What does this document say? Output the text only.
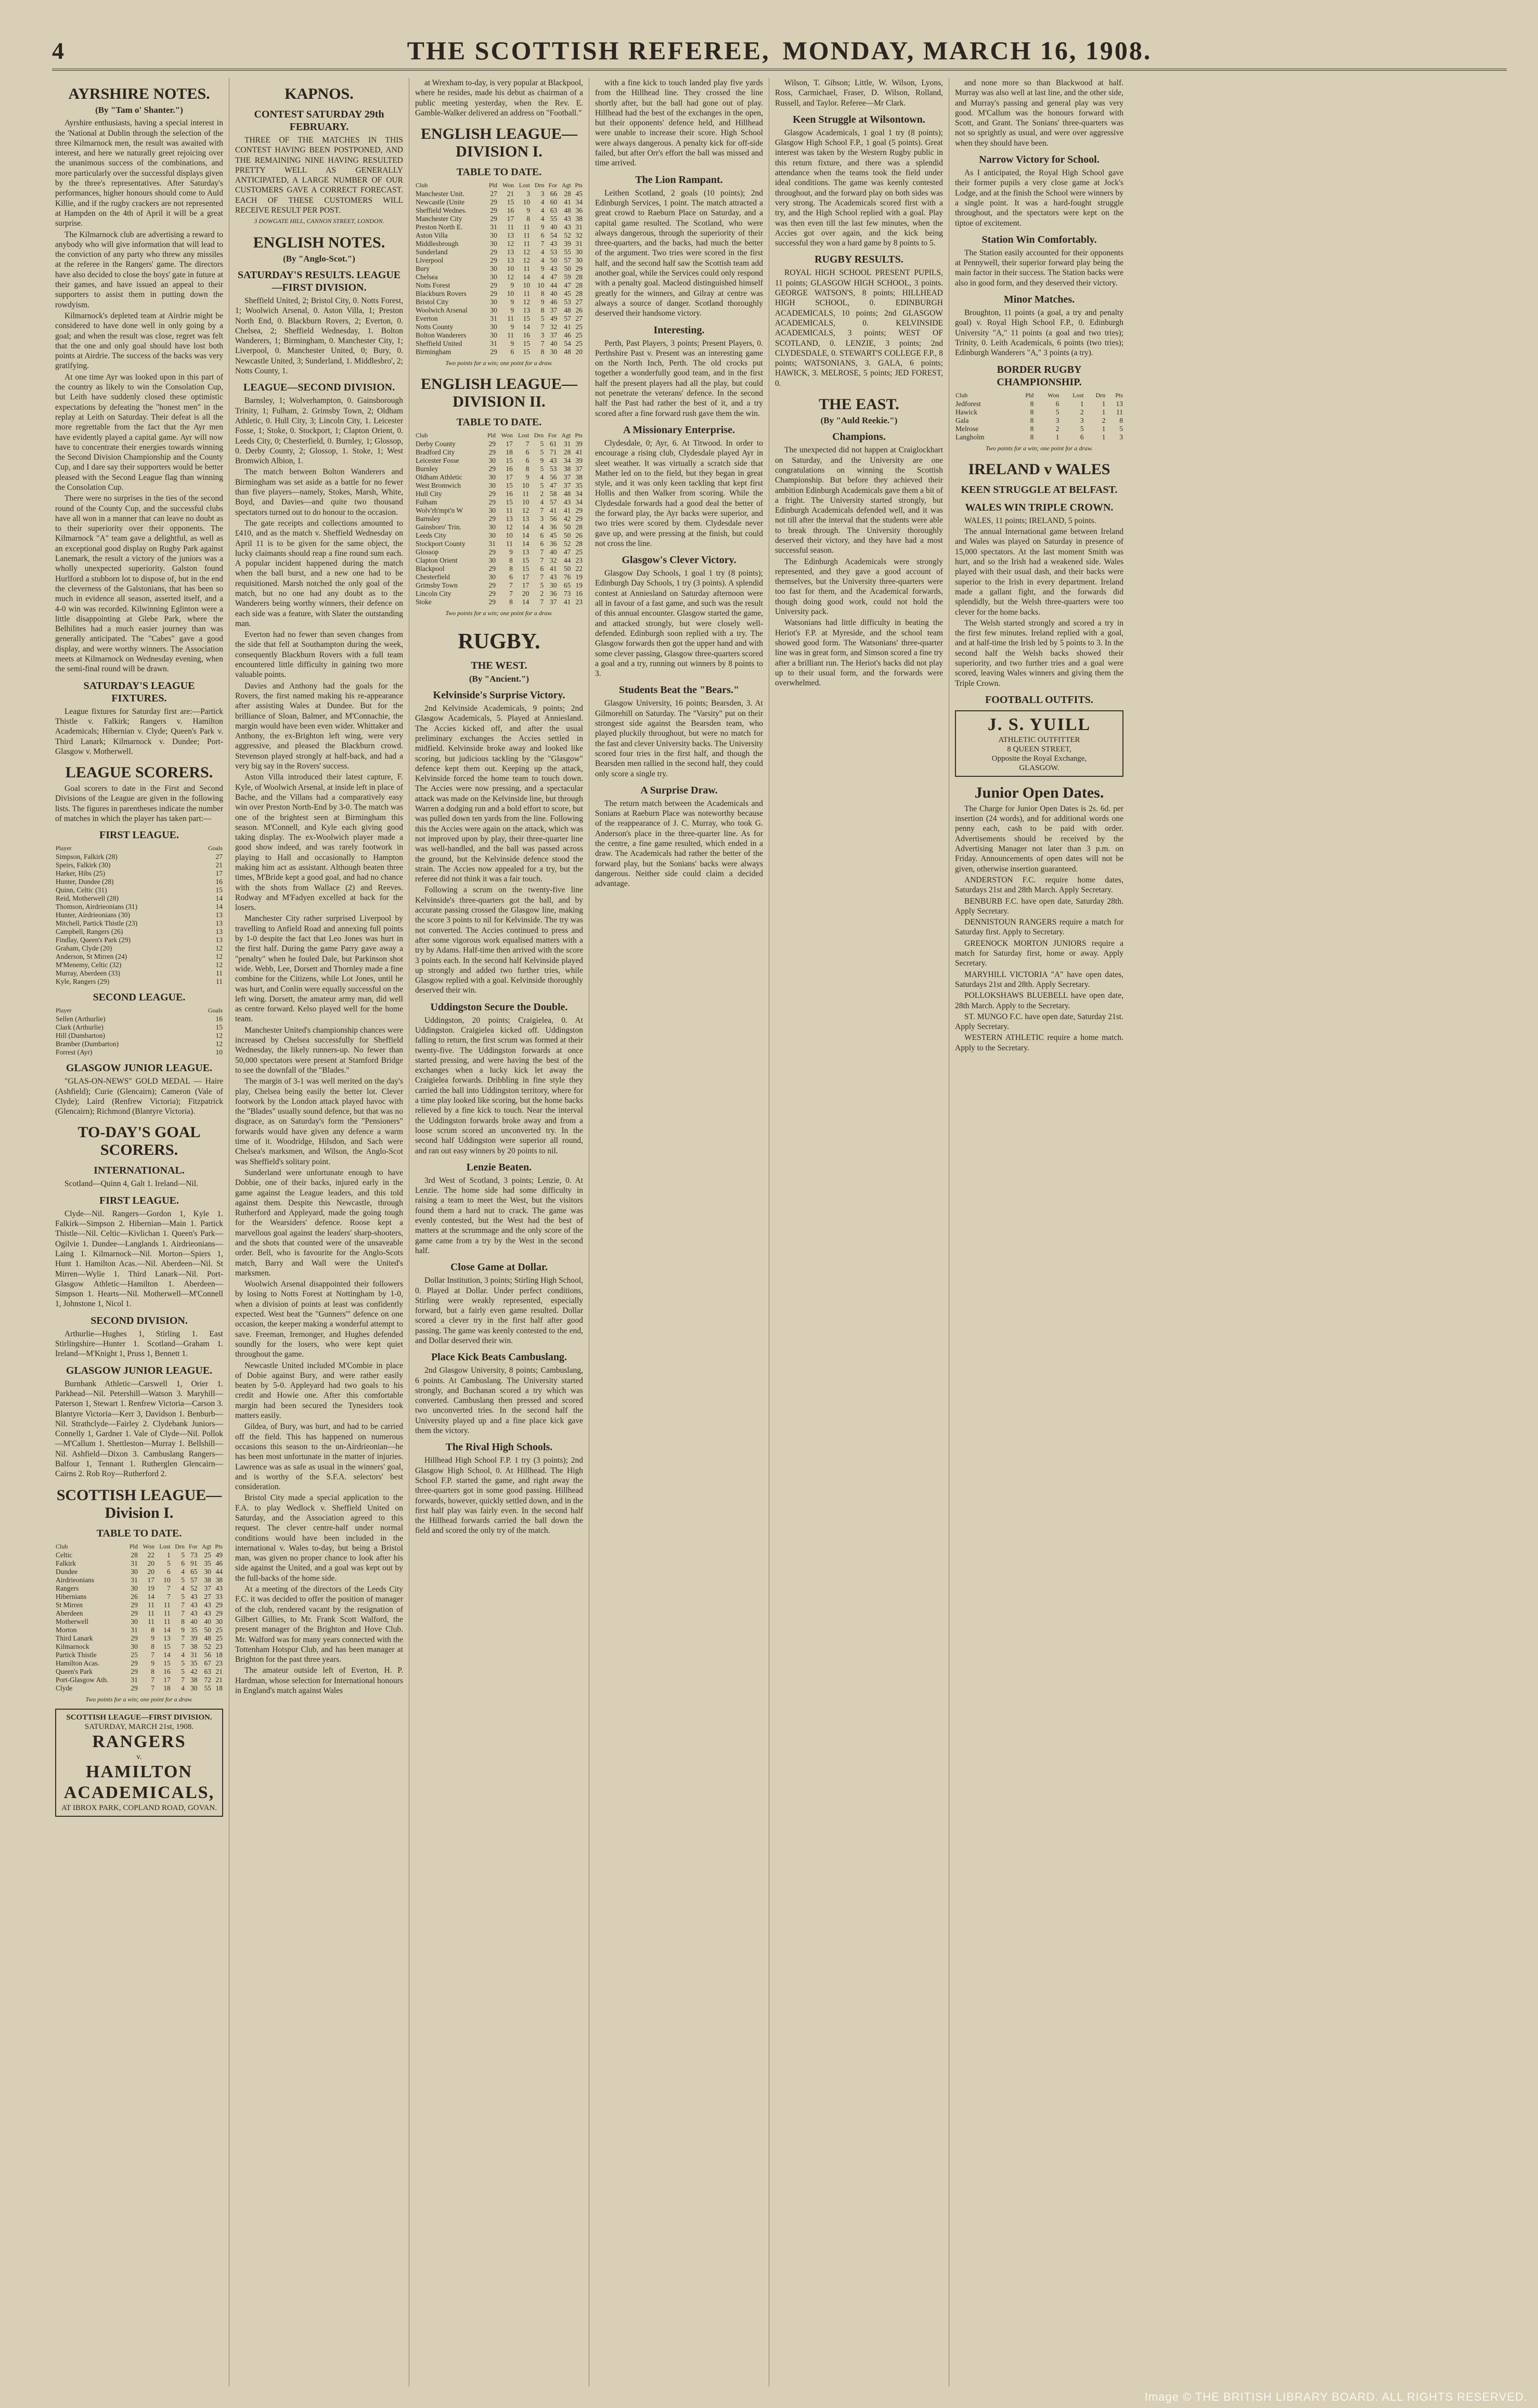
4	THE SCOTTISH REFEREE, MONDAY, MARCH 16, 1908.
AYRSHIRE NOTES.
(By "Tam o' Shanter.")

Ayrshire enthusiasts, having a special interest in the 'National at Dublin through the selection of the three Kilmarnock men, the result was awaited with interest, and here we naturally greet rejoicing over the unanimous success of the combinations, and more particularly over the successful displays given by the three's representatives. After Saturday's performances, higher honours should come to Auld Killie, and if the rugby crackers are not represented at Hampden on the 4th of April it will be a great surprise.

The Kilmarnock club are advertising a reward to anybody who will give information that will lead to the conviction of any party who threw any missiles at the referee in the Rangers' game. The directors have also decided to close the boys' gate in future at their games, and have issued an appeal to their supporters to assist them in putting down the rowdyism.

Kilmarnock's depleted team at Airdrie might be considered to have done well in only going by a goal; and when the result was close, regret was felt that the one and only goal should have lost both points at Airdrie. The success of the backs was very gratifying.

At one time Ayr was looked upon in this part of the country as likely to win the Consolation Cup, but Leith have suddenly closed these optimistic expectations by defeating the "honest men" in the replay at Leith on Saturday. Their defeat is all the more regrettable from the fact that the Ayr men have evidently played a capital game. Ayr will now have to concentrate their energies towards winning the Second Division Championship and the County Cup, and I dare say their supporters would be better pleased with the Second League flag than winning the Consolation Cup.

There were no surprises in the ties of the second round of the County Cup, and the successful clubs have all won in a manner that can leave no doubt as to their superiority over their opponents. The Kilmarnock "A" team gave a delightful, as well as an exceptional good display on Rugby Park against Lanemark, the result a victory of the juniors was a wholly unexpected superiority. Galston found Hurlford a stubborn lot to dispose of, but in the end the cleverness of the Galstonians, that has been so much in evidence all season, asserted itself, and a 4-0 win was recorded. Kilwinning Eglinton were a little disappointing at Glebe Park, where the Belhilites had a much easier journey than was generally anticipated. The "Cabes" gave a good display, and were worthy winners. The Association meets at Kilmarnock on Wednesday evening, when the semi-final round will be drawn.

SATURDAY'S LEAGUE FIXTURES.

League fixtures for Saturday first are:—Partick Thistle v. Falkirk; Rangers v. Hamilton Academicals; Hibernian v. Clyde; Queen's Park v. Third Lanark; Kilmarnock v. Dundee; Port-Glasgow v. Motherwell.

LEAGUE SCORERS.

Goal scorers to date in the First and Second Divisions of the League are given in the following lists. The figures in parentheses indicate the number of matches in which the player has taken part:—

FIRST LEAGUE.
Player	Goals
Simpson, Falkirk (28)	27
Speirs, Falkirk (30)	21
Harker, Hibs (25)	17
Hunter, Dundee (28)	16
Quinn, Celtic (31)	15
Reid, Motherwell (28)	14
Thomson, Airdrieonians (31)	14
Hunter, Airdrieonians (30)	13
Mitchell, Partick Thistle (23)	13
Campbell, Rangers (26)	13
Findlay, Queen's Park (29)	13
Graham, Clyde (20)	12
Anderson, St Mirren (24)	12
M'Menemy, Celtic (32)	12
Murray, Aberdeen (33)	11
Kyle, Rangers (29)	11
SECOND LEAGUE.
Player	Goals
Sellen (Arthurlie)	16
Clark (Arthurlie)	15
Hill (Dumbarton)	12
Bramber (Dumbarton)	12
Forrest (Ayr)	10
GLASGOW JUNIOR LEAGUE.

"GLAS-ON-NEWS" GOLD MEDAL — Haire (Ashfield); Curie (Glencairn); Cameron (Vale of Clyde); Laird (Renfrew Victoria); Fitzpatrick (Glencairn); Richmond (Blantyre Victoria).

TO-DAY'S GOAL SCORERS.
INTERNATIONAL.

Scotland—Quinn 4, Galt 1. Ireland—Nil.

FIRST LEAGUE.

Clyde—Nil. Rangers—Gordon 1, Kyle 1. Falkirk—Simpson 2. Hibernian—Main 1. Partick Thistle—Nil. Celtic—Kivlichan 1. Queen's Park—Ogilvie 1. Dundee—Langlands 1. Airdrieonians—Laing 1. Kilmarnock—Nil. Morton—Spiers 1, Hunt 1. Hamilton Acas.—Nil. Aberdeen—Nil. St Mirren—Wylie 1. Third Lanark—Nil. Port-Glasgow Athletic—Hamilton 1. Aberdeen—Simpson 1. Hearts—Nil. Motherwell—M'Connell 1, Johnstone 1, Nicol 1.

SECOND DIVISION.

Arthurlie—Hughes 1, Stirling 1. East Stirlingshire—Hunter 1. Scotland—Graham 1. Ireland—M'Knight 1, Pruss 1, Bennett 1.

GLASGOW JUNIOR LEAGUE.

Burnbank Athletic—Carswell 1, Orier 1. Parkhead—Nil. Petershill—Watson 3. Maryhill—Paterson 1, Stewart 1. Renfrew Victoria—Carson 3. Blantyre Victoria—Kerr 3, Davidson 1. Benburb—Nil. Strathclyde—Fairley 2. Clydebank Juniors—Connelly 1, Gardner 1. Vale of Clyde—Nil. Pollok—M'Callum 1. Shettleston—Murray 1. Bellshill—Nil. Ashfield—Dixon 3. Cambuslang Rangers—Balfour 1, Tennant 1. Rutherglen Glencairn—Cairns 2. Rob Roy—Rutherford 2.

SCOTTISH LEAGUE—Division I.
TABLE TO DATE.
Club	Pld	Won	Lost	Drn	For	Agt	Pts
Celtic	28	22	1	5	73	25	49
Falkirk	31	20	5	6	91	35	46
Dundee	30	20	6	4	65	30	44
Airdrieonians	31	17	10	5	57	38	38
Rangers	30	19	7	4	52	37	43
Hibernians	26	14	7	5	43	27	33
St Mirren	29	11	11	7	43	43	29
Aberdeen	29	11	11	7	43	43	29
Motherwell	30	11	11	8	40	40	30
Morton	31	8	14	9	35	50	25
Third Lanark	29	9	13	7	39	48	25
Kilmarnock	30	8	15	7	38	52	23
Partick Thistle	25	7	14	4	31	56	18
Hamilton Acas.	29	9	15	5	35	67	23
Queen's Park	29	8	16	5	42	63	21
Port-Glasgow Ath.	31	7	17	7	38	72	21
Clyde	29	7	18	4	30	55	18
Two points for a win; one point for a draw.
SCOTTISH LEAGUE—FIRST DIVISION.
SATURDAY, MARCH 21st, 1908.
RANGERS
v.
HAMILTON ACADEMICALS,
AT IBROX PARK, COPLAND ROAD, GOVAN.
KAPNOS.
CONTEST SATURDAY 29th FEBRUARY.

THREE OF THE MATCHES IN THIS CONTEST HAVING BEEN POSTPONED, AND THE REMAINING NINE HAVING RESULTED PRETTY WELL AS GENERALLY ANTICIPATED, A LARGE NUMBER OF OUR CUSTOMERS GAVE A CORRECT FORECAST. EACH OF THESE CUSTOMERS WILL RECEIVE RESULT PER POST.

3 DOWGATE HILL, CANNON STREET, LONDON.
ENGLISH NOTES.
(By "Anglo-Scot.")
SATURDAY'S RESULTS. LEAGUE—FIRST DIVISION.

Sheffield United, 2; Bristol City, 0. Notts Forest, 1; Woolwich Arsenal, 0. Aston Villa, 1; Preston North End, 0. Blackburn Rovers, 2; Everton, 0. Chelsea, 2; Sheffield Wednesday, 1. Bolton Wanderers, 1; Birmingham, 0. Manchester City, 1; Liverpool, 0. Manchester United, 0; Bury, 0. Newcastle United, 3; Sunderland, 1. Middlesbro', 2; Notts County, 1.

LEAGUE—SECOND DIVISION.

Barnsley, 1; Wolverhampton, 0. Gainsborough Trinity, 1; Fulham, 2. Grimsby Town, 2; Oldham Athletic, 0. Hull City, 3; Lincoln City, 1. Leicester Fosse, 1; Stoke, 0. Stockport, 1; Clapton Orient, 0. Leeds City, 0; Chesterfield, 0. Burnley, 1; Glossop, 0. Derby County, 2; Glossop, 1. Stoke, 1; West Bromwich Albion, 1.

The match between Bolton Wanderers and Birmingham was set aside as a battle for no fewer than five players—namely, Stokes, Marsh, White, Boyd, and Davies—and quite two thousand spectators turned out to do honour to the occasion.

The gate receipts and collections amounted to £410, and as the match v. Sheffield Wednesday on April 11 is to be given for the same object, the lucky claimants should reap a fine round sum each. A popular incident happened during the match when the ball burst, and a new one had to be requisitioned. Marsh notched the only goal of the match, but no one had any doubt as to the Wanderers being worthy winners, their defence on each side was a feature, with Slater the outstanding man.

Everton had no fewer than seven changes from the side that fell at Southampton during the week, consequently Blackburn Rovers with a full team encountered little difficulty in gaining two more valuable points.

Davies and Anthony had the goals for the Rovers, the first named making his re-appearance after assisting Wales at Dundee. But for the brilliance of Sloan, Balmer, and M'Connachie, the margin would have been even wider. Whittaker and Anthony, the ex-Brighton left wing, were very aggressive, and pleased the Blackburn crowd. Stevenson played strongly at half-back, and had a very big say in the Rovers' success.

Aston Villa introduced their latest capture, F. Kyle, of Woolwich Arsenal, at inside left in place of Bache, and the Villans had a comparatively easy win over Preston North-End by 3-0. The match was one of the brightest seen at Birmingham this season. M'Connell, and Kyle each giving good taking display. The ex-Woolwich player made a good show indeed, and was rarely footwork in playing to Hall and occasionally to Hampton making him act as assistant. Although beaten three times, M'Bride kept a good goal, and had no chance with the shots from Wallace (2) and Reeves. Rodway and M'Fadyen excelled at back for the losers.

Manchester City rather surprised Liverpool by travelling to Anfield Road and annexing full points by 1-0 despite the fact that Leo Jones was hurt in the first half. During the game Parry gave away a "penalty" when he fouled Dale, but Parkinson shot wide. Webb, Lee, Dorsett and Thornley made a fine combine for the Citizens, while Lot Jones, until he was hurt, and Conlin were equally successful on the left wing. Dorsett, the amateur army man, did well as centre forward. Kelso played well for the home team.

Manchester United's championship chances were increased by Chelsea successfully for Sheffield Wednesday, the likely runners-up. No fewer than 50,000 spectators were present at Stamford Bridge to see the downfall of the "Blades."

The margin of 3-1 was well merited on the day's play, Chelsea being easily the better lot. Clever footwork by the London attack played havoc with the "Blades" usually sound defence, but that was no disgrace, as on Saturday's form the "Pensioners" forwards would have given any defence a warm time of it. Woodridge, Hilsdon, and Sach were Chelsea's marksmen, and Wilson, the Anglo-Scot was Sheffield's solitary point.

Sunderland were unfortunate enough to have Dobbie, one of their backs, injured early in the game against the League leaders, and this told against them. Despite this Newcastle, through Rutherford and Appleyard, made the going tough for the Wearsiders' defence. Roose kept a marvellous goal against the leaders' sharp-shooters, and the shots that counted were of the unsaveable order. Bell, who is favourite for the Anglo-Scots match, Barry and Wall were the United's marksmen.

Woolwich Arsenal disappointed their followers by losing to Notts Forest at Nottingham by 1-0, when a division of points at least was confidently expected. West beat the "Gunners'" defence on one occasion, the keeper making a wonderful attempt to save. Freeman, Iremonger, and Hughes defended soundly for the losers, who were kept quiet throughout the game.

Newcastle United included M'Combie in place of Dobie against Bury, and were rather easily beaten by 5-0. Appleyard had two goals to his credit and Howie one. After this comfortable margin had been secured the Tynesiders took matters easily.

Gildea, of Bury, was hurt, and had to be carried off the field. This has happened on numerous occasions this season to the un-Airdrieonian—he has been most unfortunate in the matter of injuries. Lawrence was as safe as usual in the winners' goal, and is worthy of the S.F.A. selectors' best consideration.

Bristol City made a special application to the F.A. to play Wedlock v. Sheffield United on Saturday, and the Association agreed to this request. The clever centre-half under normal conditions would have been included in the international v. Wales to-day, but being a Bristol man, was given no proper chance to look after his side against the United, and a goal was kept out by the full-backs of the home side.

At a meeting of the directors of the Leeds City F.C. it was decided to offer the position of manager of the club, rendered vacant by the resignation of Gilbert Gillies, to Mr. Frank Scott Walford, the present manager of the Brighton and Hove Club. Mr. Walford was for many years connected with the Tottenham Hotspur Club, and has been manager at Brighton for the past three years.

The amateur outside left of Everton, H. P. Hardman, whose selection for International honours in England's match against Wales

at Wrexham to-day, is very popular at Blackpool, where he resides, made his debut as chairman of a public meeting yesterday, when the Rev. E. Gamble-Walker delivered an address on "Football."

ENGLISH LEAGUE—DIVISION I.
TABLE TO DATE.
Club	Pld	Won	Lost	Drn	For	Agt	Pts
Manchester Unit.	27	21	3	3	66	28	45
Newcastle (Unite	29	15	10	4	60	41	34
Sheffield Wednes.	29	16	9	4	63	48	36
Manchester City	29	17	8	4	55	43	38
Preston North E.	31	11	11	9	40	43	31
Aston Villa	30	13	11	6	54	52	32
Middlesbrough	30	12	11	7	43	39	31
Sunderland	29	13	12	4	53	55	30
Liverpool	29	13	12	4	50	57	30
Bury	30	10	11	9	43	50	29
Chelsea	30	12	14	4	47	59	28
Notts Forest	29	9	10	10	44	47	28
Blackburn Rovers	29	10	11	8	40	45	28
Bristol City	30	9	12	9	46	53	27
Woolwich Arsenal	30	9	13	8	37	48	26
Everton	31	11	15	5	49	57	27
Notts County	30	9	14	7	32	41	25
Bolton Wanderers	30	11	16	3	37	46	25
Sheffield United	31	9	15	7	40	54	25
Birmingham	29	6	15	8	30	48	20
Two points for a win; one point for a draw.
ENGLISH LEAGUE—DIVISION II.
TABLE TO DATE.
Club	Pld	Won	Lost	Drn	For	Agt	Pts
Derby County	29	17	7	5	61	31	39
Bradford City	29	18	6	5	71	28	41
Leicester Fosse	30	15	6	9	43	34	39
Burnley	29	16	8	5	53	38	37
Oldham Athletic	30	17	9	4	56	37	38
West Bromwich	30	15	10	5	47	37	35
Hull City	29	16	11	2	58	48	34
Fulham	29	15	10	4	57	43	34
Wolv'rh'mpt'n W	30	11	12	7	41	41	29
Barnsley	29	13	13	3	56	42	29
Gainsboro' Trin.	30	12	14	4	36	50	28
Leeds City	30	10	14	6	45	50	26
Stockport County	31	11	14	6	36	52	28
Glossop	29	9	13	7	40	47	25
Clapton Orient	30	8	15	7	32	44	23
Blackpool	29	8	15	6	41	50	22
Chesterfield	30	6	17	7	43	76	19
Grimsby Town	29	7	17	5	30	65	19
Lincoln City	29	7	20	2	36	73	16
Stoke	29	8	14	7	37	41	23
Two points for a win; one point for a draw.
RUGBY.
THE WEST.
(By "Ancient.")
Kelvinside's Surprise Victory.

2nd Kelvinside Academicals, 9 points; 2nd Glasgow Academicals, 5. Played at Anniesland. The Accies kicked off, and after the usual preliminary exchanges the Accies settled in midfield. Kelvinside broke away and looked like scoring, but judicious tackling by the "Glasgow" defence kept them out. Keeping up the attack, Kelvinside forced the home team to touch down. The Accies were now pressing, and a spectacular attack was made on the Kelvinside line, but through Warren a dodging run and a bold effort to score, but was pulled down ten yards from the line. Following this the Accies were again on the attack, which was not improved upon by play, their three-quarter line was well-handled, and the ball was passed across the ground, but the Kelvinside defence stood the strain. The Accies now appealed for a try, but the referee did not think it was a fair touch.

Following a scrum on the twenty-five line Kelvinside's three-quarters got the ball, and by accurate passing crossed the Glasgow line, making the score 3 points to nil for Kelvinside. The try was not converted. The Accies continued to press and after some vigorous work equalised matters with a try by Adams. Half-time then arrived with the score 3 points each. In the second half Kelvinside played up strongly and added two further tries, while Glasgow replied with a goal. Kelvinside thoroughly deserved their win.

Uddingston Secure the Double.

Uddingston, 20 points; Craigielea, 0. At Uddingston. Craigielea kicked off. Uddingston falling to return, the first scrum was formed at their twenty-five. The Uddingston forwards at once started pressing, and were having the best of the exchanges when a lucky kick let away the Craigielea forwards. Dribbling in fine style they carried the ball into Uddingston territory, where for a time play looked like scoring, but the home backs relieved by a fine kick to touch. Near the interval the Uddingston forwards broke away and from a loose scrum scored an unconverted try. In the second half Uddingston were superior all round, and ran out easy winners by 20 points to nil.

Lenzie Beaten.

3rd West of Scotland, 3 points; Lenzie, 0. At Lenzie. The home side had some difficulty in raising a team to meet the West, but the visitors found them a hard nut to crack. The game was evenly contested, but the West had the best of matters at the scrummage and the only score of the game came from a try by the West in the second half.

Close Game at Dollar.

Dollar Institution, 3 points; Stirling High School, 0. Played at Dollar. Under perfect conditions, Stirling were weakly represented, especially forward, but a fairly even game resulted. Dollar scored a clever try in the first half after good passing. The game was keenly contested to the end, and Dollar deserved their win.

Place Kick Beats Cambuslang.

2nd Glasgow University, 8 points; Cambuslang, 6 points. At Cambuslang. The University started strongly, and Buchanan scored a try which was converted. Cambuslang then pressed and scored two unconverted tries. In the second half the University played up and a fine place kick gave them the victory.

The Rival High Schools.

Hillhead High School F.P. 1 try (3 points); 2nd Glasgow High School, 0. At Hillhead. The High School F.P. started the game, and right away the three-quarters got in some good passing. Hillhead forwards, however, quickly settled down, and in the first half play was fairly even. In the second half the Hillhead forwards carried the ball down the field and scored the only try of the match.

with a fine kick to touch landed play five yards from the Hillhead line. They crossed the line shortly after, but the ball had gone out of play. Hillhead had the best of the exchanges in the open, but their opponents' defence held, and Hillhead were unable to increase their score. High School were always dangerous. A penalty kick for off-side failed, but after Orr's effort the ball was missed and time arrived.

The Lion Rampant.

Leithen Scotland, 2 goals (10 points); 2nd Edinburgh Services, 1 point. The match attracted a great crowd to Raeburn Place on Saturday, and a capital game resulted. The Scotland, who were always dangerous, through the superiority of their three-quarters, and the backs, had much the better of the argument. Two tries were scored in the first half, and the second half saw the Scottish team add another goal, while the Services could only respond with a penalty goal. Macleod distinguished himself greatly for the winners, and Gilray at centre was always a source of danger. Scotland thoroughly deserved their handsome victory.

Interesting.

Perth, Past Players, 3 points; Present Players, 0. Perthshire Past v. Present was an interesting game on the North Inch, Perth. The old crocks put together a wonderfully good team, and in the first half the present players had all the play, but could not penetrate the veterans' defence. In the second half the Past had rather the best of it, and a try scored after a fine forward rush gave them the win.

A Missionary Enterprise.

Clydesdale, 0; Ayr, 6. At Titwood. In order to encourage a rising club, Clydesdale played Ayr in sleet weather. It was virtually a scratch side that Mather led on to the field, but they began in great style, and it was only keen tackling that kept first Hollis and then Walker from scoring. While the Clydesdale forwards had a good deal the better of the forward play, the Ayr backs were superior, and two tries were scored by them. Clydesdale never gave up, and were pressing at the finish, but could not cross the line.

Glasgow's Clever Victory.

Glasgow Day Schools, 1 goal 1 try (8 points); Edinburgh Day Schools, 1 try (3 points). A splendid contest at Anniesland on Saturday afternoon were all in favour of a fast game, and such was the result of this annual encounter. Glasgow started the game, and attacked strongly, but were closely well-defended. Edinburgh soon replied with a try. The Glasgow forwards then got the upper hand and with some clever passing, Glasgow three-quarters scored a goal and a try, running out winners by 8 points to 3.

Students Beat the "Bears."

Glasgow University, 16 points; Bearsden, 3. At Gilmorehill on Saturday. The "Varsity" put on their strongest side against the Bearsden team, who played pluckily throughout, but were no match for the fast and clever University backs. The University scored four tries in the first half, and though the Bearsden men rallied in the second half, they could only score a single try.

A Surprise Draw.

The return match between the Academicals and Sonians at Raeburn Place was noteworthy because of the reappearance of J. C. Murray, who took G. Anderson's place in the three-quarter line. As for the centre, a fine game resulted, which ended in a draw. The Academicals had rather the better of the forward play, but the Sonians' backs were always dangerous. Neither side could claim a decided advantage.

Wilson, T. Gibson; Little, W. Wilson, Lyons, Ross, Carmichael, Fraser, D. Wilson, Rolland, Russell, and Taylor. Referee—Mr Clark.

Keen Struggle at Wilsontown.

Glasgow Academicals, 1 goal 1 try (8 points); Glasgow High School F.P., 1 goal (5 points). Great interest was taken by the Western Rugby public in this return fixture, and there was a splendid attendance when the teams took the field under ideal conditions. The game was keenly contested throughout, and the forward play on both sides was very strong. The Academicals scored first with a try, and the High School replied with a goal. Play was then even till the last few minutes, when the Accies got over again, and the kick being successful they won a hard game by 8 points to 5.

RUGBY RESULTS.

ROYAL HIGH SCHOOL PRESENT PUPILS, 11 points; GLASGOW HIGH SCHOOL, 3 points. GEORGE WATSON'S, 8 points; HILLHEAD HIGH SCHOOL, 0. EDINBURGH ACADEMICALS, 10 points; 2nd GLASGOW ACADEMICALS, 0. KELVINSIDE ACADEMICALS, 3 points; WEST OF SCOTLAND, 0. LENZIE, 3 points; 2nd CLYDESDALE, 0. STEWART'S COLLEGE F.P., 8 points; WATSONIANS, 3. GALA, 6 points; HAWICK, 3. MELROSE, 5 points; JED FOREST, 0.

THE EAST.
(By "Auld Reekie.")
Champions.

The unexpected did not happen at Craiglockhart on Saturday, and the University are one congratulations on winning the Scottish Championship. But before they achieved their ambition Edinburgh Academicals gave them a bit of a fright. The University started strongly, but Edinburgh Academicals defended well, and it was not till after the interval that the students were able to break through. The University thoroughly deserved their victory, and they have had a most successful season.

The Edinburgh Academicals were strongly represented, and they gave a good account of themselves, but the University three-quarters were too fast for them, and the Academical forwards, though doing good work, could not hold the University pack.

Watsonians had little difficulty in beating the Heriot's F.P. at Myreside, and the school team showed good form. The Watsonians' three-quarter line was in great form, and Simson scored a fine try after a brilliant run. The Heriot's backs did not play up to their usual form, and the forwards were overwhelmed.

and none more so than Blackwood at half. Murray was also well at last line, and the other side, and Murray's passing and general play was very good. M'Callum was the honours forward with Scott, and Grant. The Sonians' three-quarters was not so sprightly as usual, and were over aggressive when they should have been.

Narrow Victory for School.

As I anticipated, the Royal High School gave their former pupils a very close game at Jock's Lodge, and at the finish the School were winners by a single point. It was a hard-fought struggle throughout, and the spectators were kept on the tiptoe of excitement.

Station Win Comfortably.

The Station easily accounted for their opponents at Pennywell, their superior forward play being the main factor in their success. The Station backs were also in good form, and they deserved their victory.

Minor Matches.

Broughton, 11 points (a goal, a try and penalty goal) v. Royal High School F.P., 0. Edinburgh University "A," 11 points (a goal and two tries); Trinity, 0. Leith Academicals, 6 points (two tries); Edinburgh Wanderers "A," 3 points (a try).

BORDER RUGBY CHAMPIONSHIP.
Club	Pld	Won	Lost	Drn	Pts
Jedforest	8	6	1	1	13
Hawick	8	5	2	1	11
Gala	8	3	3	2	8
Melrose	8	2	5	1	5
Langholm	8	1	6	1	3
Two points for a win; one point for a draw.
IRELAND v WALES
KEEN STRUGGLE AT BELFAST.
WALES WIN TRIPLE CROWN.

WALES, 11 points; IRELAND, 5 points.

The annual International game between Ireland and Wales was played on Saturday in presence of 15,000 spectators. At the last moment Smith was hurt, and so the Irish had a weakened side. Wales played with their usual dash, and their backs were superior to the Irish in every department. Ireland made a gallant fight, and the forwards did splendidly, but the Welsh three-quarters were too clever for the home backs.

The Welsh started strongly and scored a try in the first few minutes. Ireland replied with a goal, and at half-time the Irish led by 5 points to 3. In the second half the Welsh backs showed their superiority, and two further tries and a goal were scored, leaving Wales winners and giving them the Triple Crown.

FOOTBALL OUTFITS.
J. S. YUILL
ATHLETIC OUTFITTER
8 QUEEN STREET,
Opposite the Royal Exchange,
GLASGOW.
Junior Open Dates.

The Charge for Junior Open Dates is 2s. 6d. per insertion (24 words), and for additional words one penny each, cash to be paid with order. Advertisements should be received by the Advertising Manager not later than 3 p.m. on Friday. Announcements of open dates will not be given, otherwise insertion guaranteed.

ANDERSTON F.C. require home dates, Saturdays 21st and 28th March. Apply Secretary.

BENBURB F.C. have open date, Saturday 28th. Apply Secretary.

DENNISTOUN RANGERS require a match for Saturday first. Apply to Secretary.

GREENOCK MORTON JUNIORS require a match for Saturday first, home or away. Apply Secretary.

MARYHILL VICTORIA "A" have open dates, Saturdays 21st and 28th. Apply Secretary.

POLLOKSHAWS BLUEBELL have open date, 28th March. Apply to the Secretary.

ST. MUNGO F.C. have open date, Saturday 21st. Apply Secretary.

WESTERN ATHLETIC require a home match. Apply to the Secretary.

Image © THE BRITISH LIBRARY BOARD. ALL RIGHTS RESERVED.
